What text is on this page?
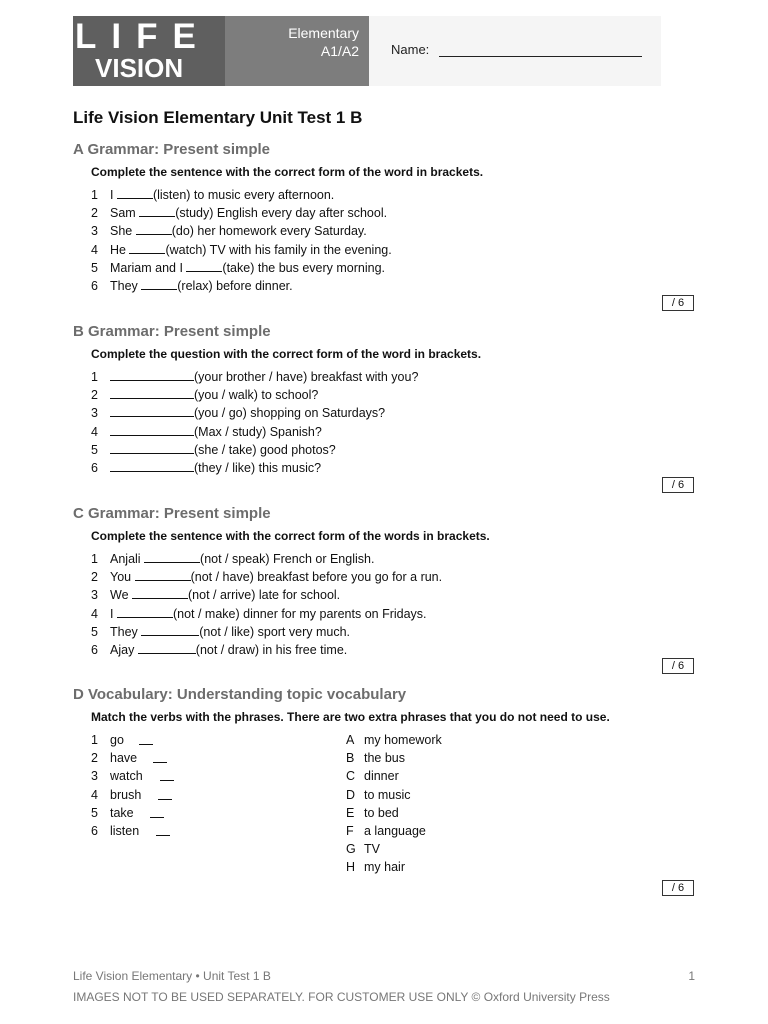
LIFE
VISION
Elementary
A1/A2 Name:
Life Vision Elementary Unit Test 1 B
A Grammar: Present simple
Complete the sentence with the correct form of the word in brackets.
1 I	(listen) to music every afternoon.
2 Sam	(study) English every day after school.
3 She	(do) her homework every Saturday.
4 He	(watch) TV with his family in the evening.
5 Mariam and I	(take) the bus every morning.
6 They	(relax) before dinner.
/ 6
B Grammar: Present simple
Complete the question with the correct form of the word in brackets.
1	(your brother / have) breakfast with you?
2	(you / walk) to school?
3	(you / go) shopping on Saturdays?
4	(Max / study) Spanish?
5	(she / take) good photos?
6	(they / like) this music?
/ 6
C Grammar: Present simple
Complete the sentence with the correct form of the words in brackets.
1 Anjali	(not / speak) French or English.
2 You	(not / have) breakfast before you go for a run.
3 We	(not / arrive) late for school.
4 I	(not / make) dinner for my parents on Fridays.
5 They	(not / like) sport very much.
6 Ajay	(not / draw) in his free time.
/ 6
D Vocabulary: Understanding topic vocabulary
Match the verbs with the phrases. There are two extra phrases that you do not need to use.
1 go
2 have
3 watch
4 brush
5 take
6 listen
A my homework
B the bus
C dinner
D to music
E to bed
F a language
G TV
H my hair
/ 6
Life Vision Elementary • Unit Test 1 B	1
IMAGES NOT TO BE USED SEPARATELY. FOR CUSTOMER USE ONLY © Oxford University Press
